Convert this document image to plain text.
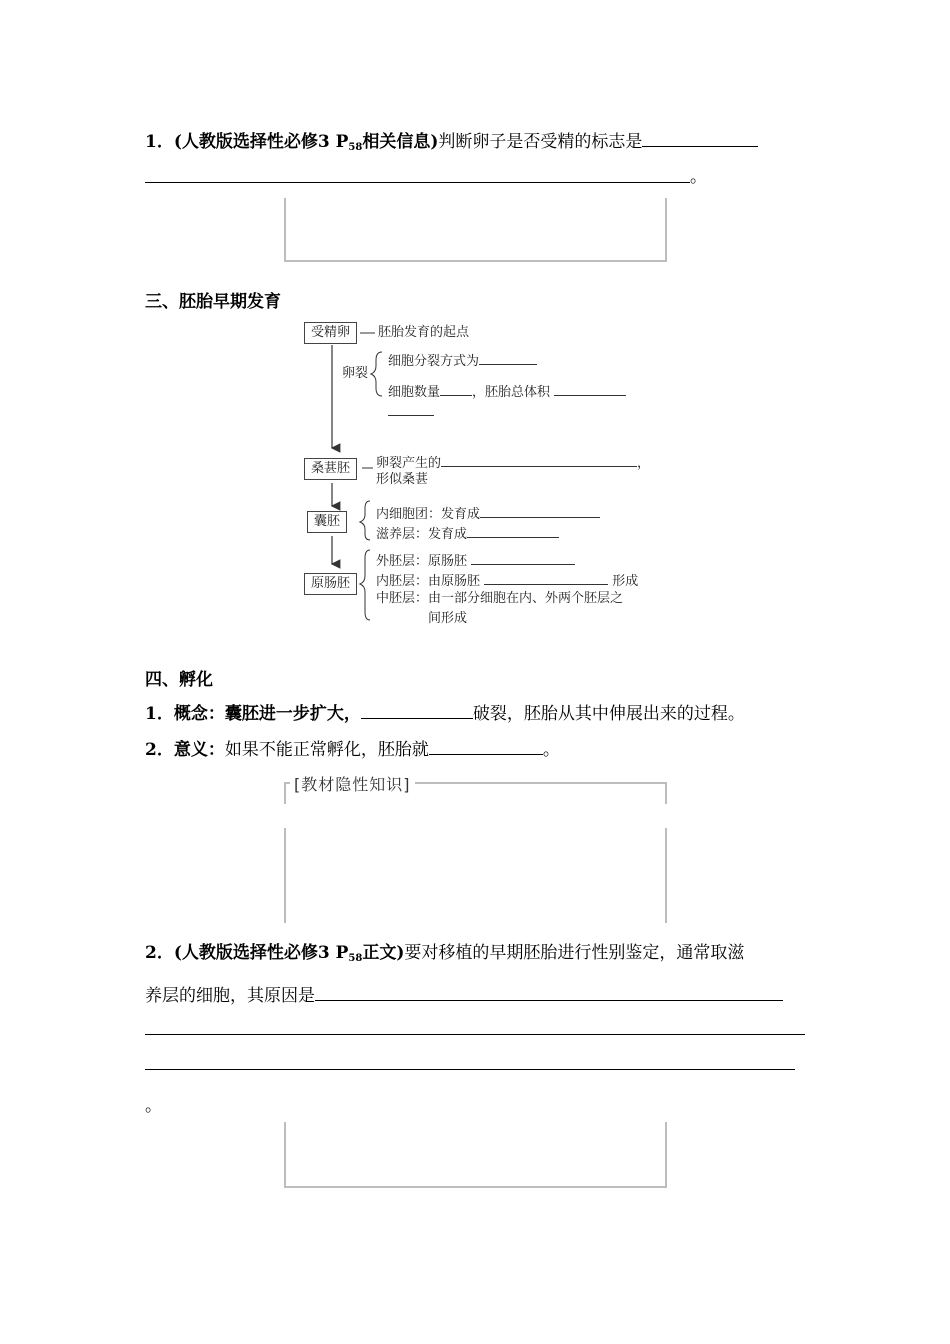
1．(人教版选择性必修3 $P_{58}$相关信息)判断卵子是否受精的标志是
。
三、胚胎早期发育
受精卵	胚胎发育的起点
卵裂
细胞分裂方式为
细胞数量 ，胚胎总体积
桑葚胚	卵裂产生的	，
形似桑葚
囊胚	内细胞团：发育成
滋养层：发育成
原肠胚
外胚层：原肠胚
内胚层：由原肠胚	形成
中胚层：由一部分细胞在内、外两个胚层之
间形成
四、孵化
1．概念：囊胚进一步扩大，	破裂，胚胎从其中伸展出来的过程。
2．意义：如果不能正常孵化，胚胎就	。
[教材隐性知识]
2．(人教版选择性必修3 $P_{58}$正文)要对移植的早期胚胎进行性别鉴定，通常取滋
养层的细胞，其原因是
。
